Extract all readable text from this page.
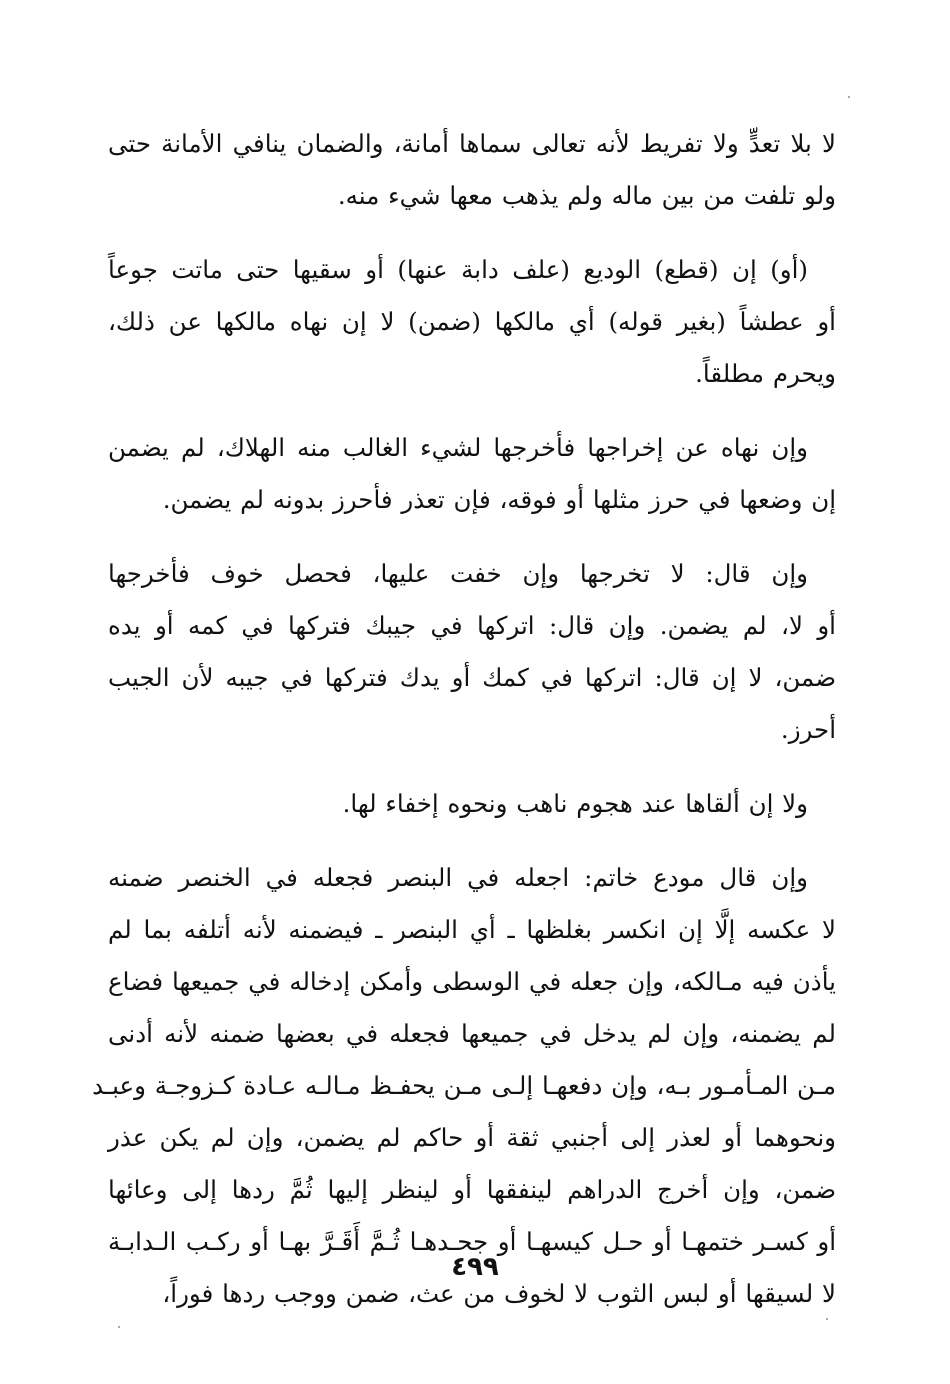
لا بلا تعدٍّ ولا تفريط لأنه تعالى سماها أمانة، والضمان ينافي الأمانة حتى
ولو تلفت من بين ماله ولم يذهب معها شيء منه.

(أو) إن (قطع) الوديع (علف دابة عنها) أو سقيها حتى ماتت جوعاً
أو عطشاً (بغير قوله) أي مالكها (ضمن) لا إن نهاه مالكها عن ذلك،
ويحرم مطلقاً.

وإن نهاه عن إخراجها فأخرجها لشيء الغالب منه الهلاك، لم يضمن
إن وضعها في حرز مثلها أو فوقه، فإن تعذر فأحرز بدونه لم يضمن.

وإن قال: لا تخرجها وإن خفت عليها، فحصل خوف فأخرجها
أو لا، لم يضمن. وإن قال: اتركها في جيبك فتركها في كمه أو يده
ضمن، لا إن قال: اتركها في كمك أو يدك فتركها في جيبه لأن الجيب
أحرز.

ولا إن ألقاها عند هجوم ناهب ونحوه إخفاء لها.

وإن قال مودع خاتم: اجعله في البنصر فجعله في الخنصر ضمنه
لا عكسه إلَّا إن انكسر بغلظها ـ أي البنصر ـ فيضمنه لأنه أتلفه بما لم
يأذن فيه مـالكه، وإن جعله في الوسطى وأمكن إدخاله في جميعها فضاع
لم يضمنه، وإن لم يدخل في جميعها فجعله في بعضها ضمنه لأنه أدنى
مـن المـأمـور بـه، وإن دفعهـا إلـى مـن يحفـظ مـالـه عـادة كـزوجـة وعبـد
ونحوهما أو لعذر إلى أجنبي ثقة أو حاكم لم يضمن، وإن لم يكن عذر
ضمن، وإن أخرج الدراهم لينفقها أو لينظر إليها ثُمَّ ردها إلى وعائها
أو كسـر ختمهـا أو حـل كيسهـا أو جحـدهـا ثُـمَّ أَقَـرَّ بهـا أو ركـب الـدابـة
لا لسيقها أو لبس الثوب لا لخوف من عث، ضمن ووجب ردها فوراً،

٤٩٩
